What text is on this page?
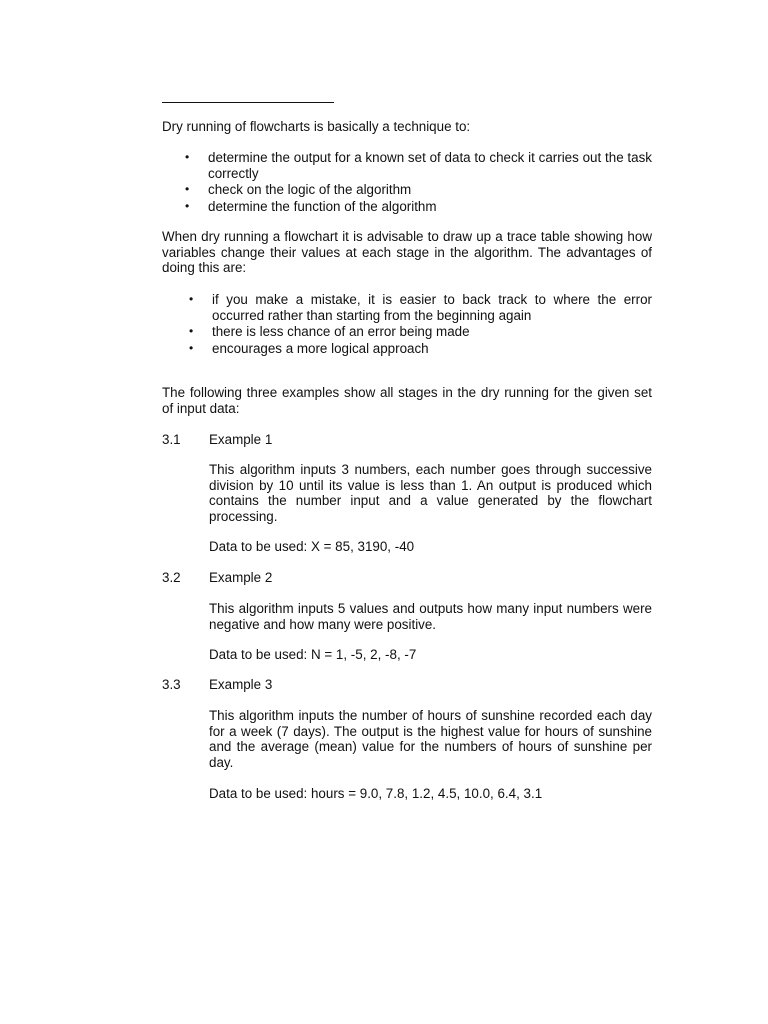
Dry running of flowcharts is basically a technique to:

• determine the output for a known set of data to check it carries out the task correctly
• check on the logic of the algorithm
• determine the function of the algorithm

When dry running a flowchart it is advisable to draw up a trace table showing how variables change their values at each stage in the algorithm. The advantages of doing this are:

• if you make a mistake, it is easier to back track to where the error occurred rather than starting from the beginning again
• there is less chance of an error being made
• encourages a more logical approach

The following three examples show all stages in the dry running for the given set of input data:

3.1 Example 1

This algorithm inputs 3 numbers, each number goes through successive division by 10 until its value is less than 1. An output is produced which contains the number input and a value generated by the flowchart processing.

Data to be used: X = 85, 3190, -40

3.2 Example 2

This algorithm inputs 5 values and outputs how many input numbers were negative and how many were positive.

Data to be used: N = 1, -5, 2, -8, -7

3.3 Example 3

This algorithm inputs the number of hours of sunshine recorded each day for a week (7 days). The output is the highest value for hours of sunshine and the average (mean) value for the numbers of hours of sunshine per day.

Data to be used: hours = 9.0, 7.8, 1.2, 4.5, 10.0, 6.4, 3.1
